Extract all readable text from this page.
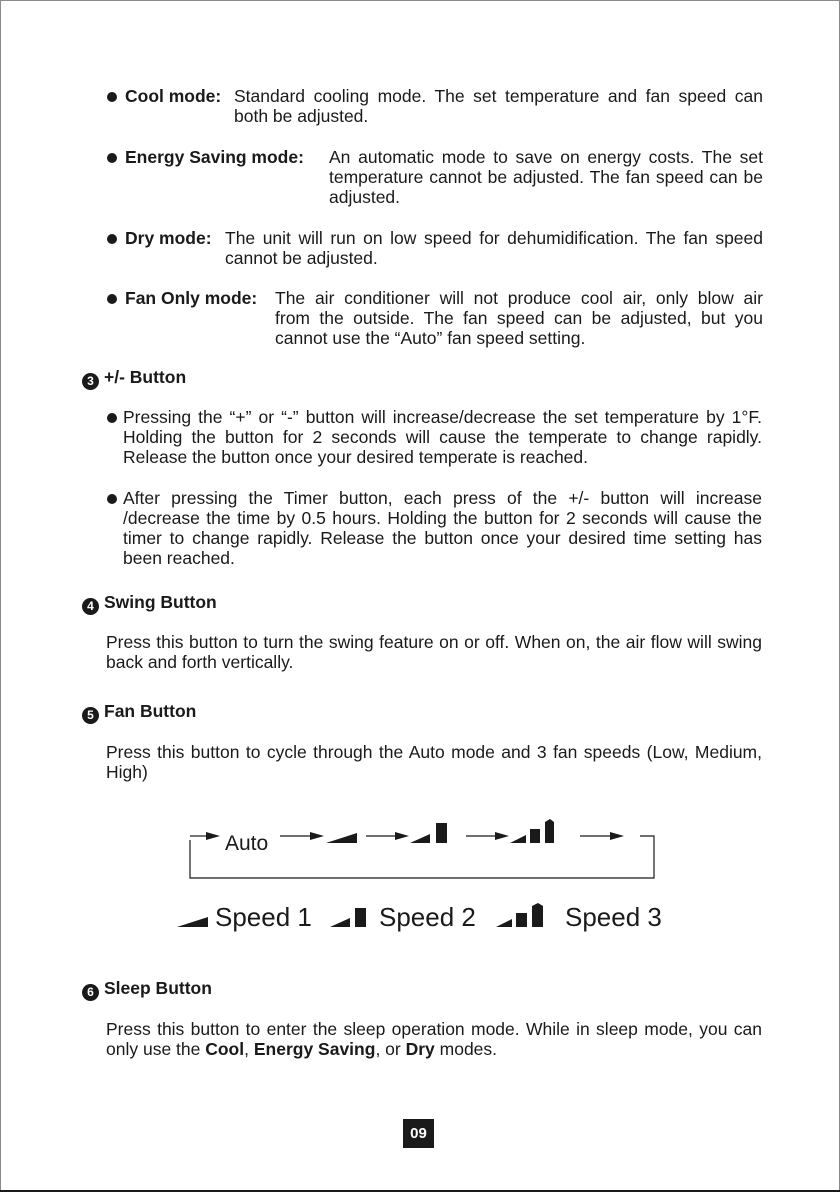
Cool mode: Standard cooling mode. The set temperature and fan speed can
both be adjusted.
Energy Saving mode: An automatic mode to save on energy costs. The set
temperature cannot be adjusted. The fan speed can be adjusted.
Dry mode: The unit will run on low speed for dehumidification. The fan speed
cannot be adjusted.
Fan Only mode: The air conditioner will not produce cool air, only blow air
from the outside. The fan speed can be adjusted, but you cannot use the “Auto” fan speed setting.
3 +/- Button
Pressing the “+” or “-” button will increase/decrease the set temperature by 1°F. Holding the button for 2 seconds will cause the temperate to change rapidly. Release the button once your desired temperate is reached.
After pressing the Timer button, each press of the +/- button will increase /decrease the time by 0.5 hours. Holding the button for 2 seconds will cause the timer to change rapidly. Release the button once your desired time setting has been reached.
4 Swing Button
Press this button to turn the swing feature on or off. When on, the air flow will swing back and forth vertically.
5 Fan Button
Press this button to cycle through the Auto mode and 3 fan speeds (Low, Medium, High)
Auto
Speed 1	Speed 2	Speed 3
6 Sleep Button
Press this button to enter the sleep operation mode. While in sleep mode, you can only use the Cool, Energy Saving, or Dry modes.
09
